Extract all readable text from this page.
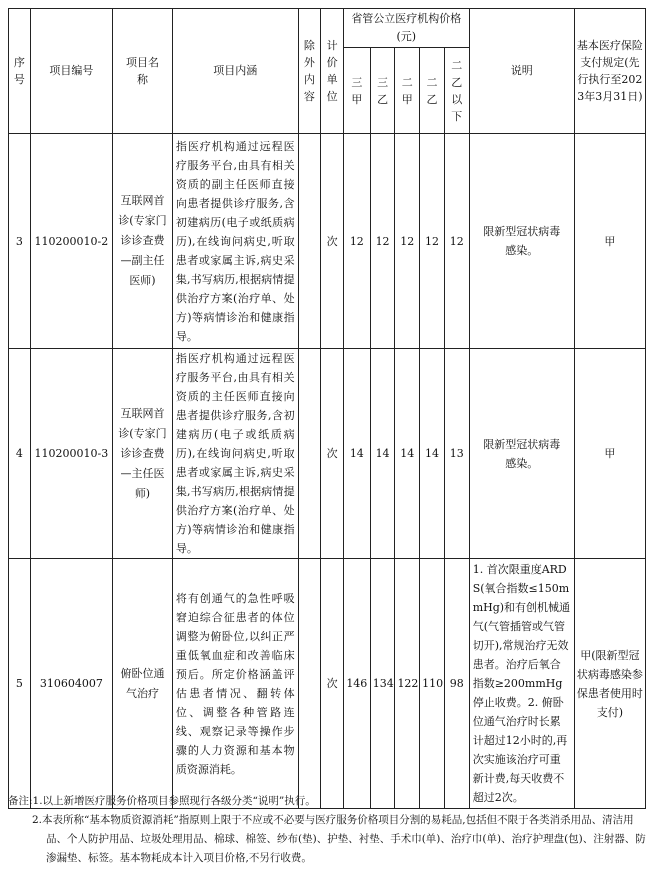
序号	项目编号	项目名称	项目内涵	除外内容	计价单位	省管公立医疗机构价格(元)					说明	基本医疗保险支付规定(先行执行至2023年3月31日)
						三甲	三乙	二甲	二乙	二乙以下		
3	110200010-2	互联网首诊(专家门诊诊查费—副主任医师)	指医疗机构通过远程医疗服务平台,由具有相关资质的副主任医师直接向患者提供诊疗服务,含初建病历(电子或纸质病历),在线询问病史,听取患者或家属主诉,病史采集,书写病历,根据病情提供治疗方案(治疗单、处方)等病情诊治和健康指导。		次	12	12	12	12	12	限新型冠状病毒感染。	甲
4	110200010-3	互联网首诊(专家门诊诊查费—主任医师)	指医疗机构通过远程医疗服务平台,由具有相关资质的主任医师直接向患者提供诊疗服务,含初建病历(电子或纸质病历),在线询问病史,听取患者或家属主诉,病史采集,书写病历,根据病情提供治疗方案(治疗单、处方)等病情诊治和健康指导。		次	14	14	14	14	13	限新型冠状病毒感染。	甲
5	310604007	俯卧位通气治疗	将有创通气的急性呼吸窘迫综合征患者的体位调整为俯卧位,以纠正严重低氧血症和改善临床预后。所定价格涵盖评估患者情况、翻转体位、调整各种管路连线、观察记录等操作步骤的人力资源和基本物质资源消耗。		次	146	134	122	110	98	1. 首次限重度ARDS(氧合指数≤150mmHg)和有创机械通气(气管插管或气管切开),常规治疗无效患者。治疗后氧合指数≥200mmHg停止收费。2. 俯卧位通气治疗时长累计超过12小时的,再次实施该治疗可重新计费,每天收费不超过2次。	甲(限新型冠状病毒感染参保患者使用时支付)
备注:1.以上新增医疗服务价格项目参照现行各级分类“说明”执行。
2.本表所称“基本物质资源消耗”指原则上限于不应或不必要与医疗服务价格项目分割的易耗品,包括但不限于各类消杀用品、清洁用品、个人防护用品、垃圾处理用品、棉球、棉签、纱布(垫)、护垫、衬垫、手术巾(单)、治疗巾(单)、治疗护理盘(包)、注射器、防渗漏垫、标签。基本物耗成本计入项目价格,不另行收费。
